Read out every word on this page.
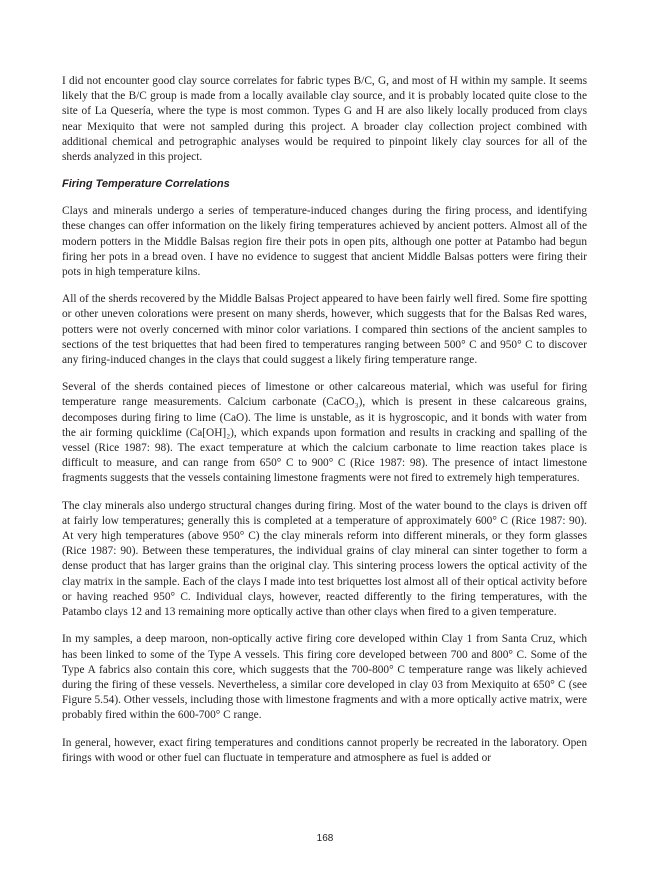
I did not encounter good clay source correlates for fabric types B/C, G, and most of H within my sample. It seems likely that the B/C group is made from a locally available clay source, and it is probably located quite close to the site of La Quesería, where the type is most common. Types G and H are also likely locally produced from clays near Mexiquito that were not sampled during this project. A broader clay collection project combined with additional chemical and petrographic analyses would be required to pinpoint likely clay sources for all of the sherds analyzed in this project.

Firing Temperature Correlations

Clays and minerals undergo a series of temperature-induced changes during the firing process, and identifying these changes can offer information on the likely firing temperatures achieved by ancient potters. Almost all of the modern potters in the Middle Balsas region fire their pots in open pits, although one potter at Patambo had begun firing her pots in a bread oven. I have no evidence to suggest that ancient Middle Balsas potters were firing their pots in high temperature kilns.

All of the sherds recovered by the Middle Balsas Project appeared to have been fairly well fired. Some fire spotting or other uneven colorations were present on many sherds, however, which suggests that for the Balsas Red wares, potters were not overly concerned with minor color variations. I compared thin sections of the ancient samples to sections of the test briquettes that had been fired to temperatures ranging between 500° C and 950° C to discover any firing-induced changes in the clays that could suggest a likely firing temperature range.

Several of the sherds contained pieces of limestone or other calcareous material, which was useful for firing temperature range measurements. Calcium carbonate (CaCO₃), which is present in these calcareous grains, decomposes during firing to lime (CaO). The lime is unstable, as it is hygroscopic, and it bonds with water from the air forming quicklime (Ca[OH]₂), which expands upon formation and results in cracking and spalling of the vessel (Rice 1987: 98). The exact temperature at which the calcium carbonate to lime reaction takes place is difficult to measure, and can range from 650° C to 900° C (Rice 1987: 98). The presence of intact limestone fragments suggests that the vessels containing limestone fragments were not fired to extremely high temperatures.

The clay minerals also undergo structural changes during firing. Most of the water bound to the clays is driven off at fairly low temperatures; generally this is completed at a temperature of approximately 600° C (Rice 1987: 90). At very high temperatures (above 950° C) the clay minerals reform into different minerals, or they form glasses (Rice 1987: 90). Between these temperatures, the individual grains of clay mineral can sinter together to form a dense product that has larger grains than the original clay. This sintering process lowers the optical activity of the clay matrix in the sample. Each of the clays I made into test briquettes lost almost all of their optical activity before or having reached 950° C. Individual clays, however, reacted differently to the firing temperatures, with the Patambo clays 12 and 13 remaining more optically active than other clays when fired to a given temperature.

In my samples, a deep maroon, non-optically active firing core developed within Clay 1 from Santa Cruz, which has been linked to some of the Type A vessels. This firing core developed between 700 and 800° C. Some of the Type A fabrics also contain this core, which suggests that the 700-800° C temperature range was likely achieved during the firing of these vessels. Nevertheless, a similar core developed in clay 03 from Mexiquito at 650° C (see Figure 5.54). Other vessels, including those with limestone fragments and with a more optically active matrix, were probably fired within the 600-700° C range.

In general, however, exact firing temperatures and conditions cannot properly be recreated in the laboratory. Open firings with wood or other fuel can fluctuate in temperature and atmosphere as fuel is added or

168
